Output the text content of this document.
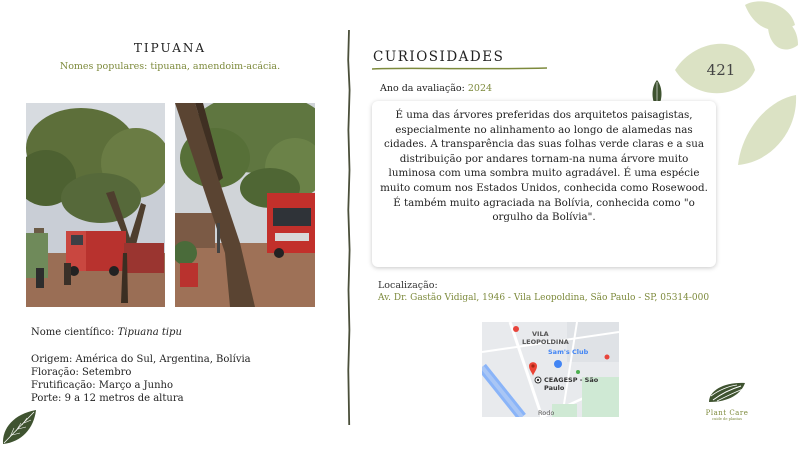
TIPUANA
Nomes populares: tipuana, amendoim-acácia.
Nome científico: Tipuana tipu
Origem: América do Sul, Argentina, Bolívia
Floração: Setembro
Frutificação: Março a Junho
Porte: 9 a 12 metros de altura
CURIOSIDADES
Ano da avaliação: 2024

É uma das árvores preferidas dos arquitetos paisagistas, especialmente no alinhamento ao longo de alamedas nas cidades. A transparência das suas folhas verde claras e a sua distribuição por andares tornam-na numa árvore muito luminosa com uma sombra muito agradável. É uma espécie muito comum nos Estados Unidos, conhecida como Rosewood. É também muito agraciada na Bolívia, conhecida como "o orgulho da Bolívia".

Localização:
Av. Dr. Gastão Vidigal, 1946 - Vila Leopoldina, São Paulo - SP, 05314-000
VILA
LEOPOLDINA
Sam's Club
CEAGESP - São Paulo
Rodo
421
Plant Care
cuide de plantas
